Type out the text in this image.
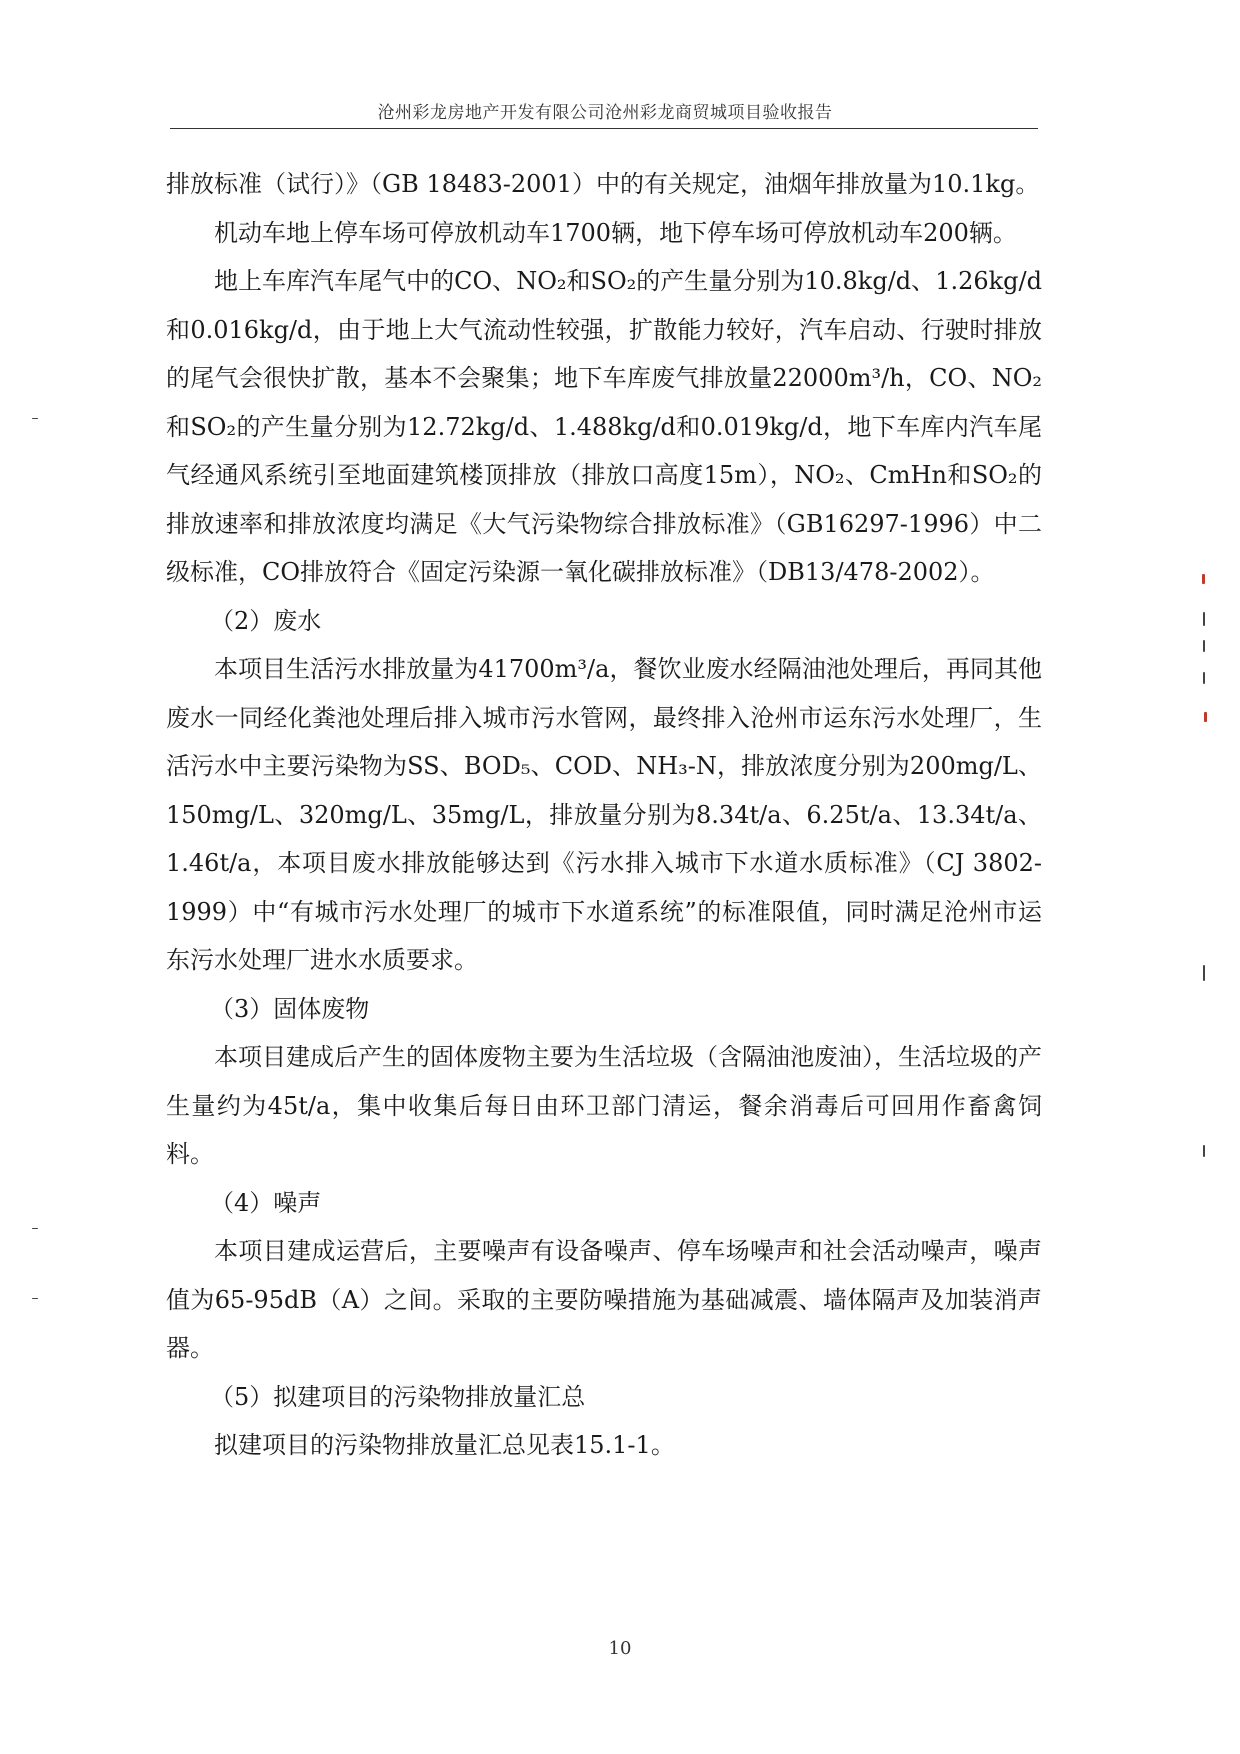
沧州彩龙房地产开发有限公司沧州彩龙商贸城项目验收报告

排放标准（试行）》（GB 18483-2001）中的有关规定，油烟年排放量为10.1kg。

机动车地上停车场可停放机动车1700辆，地下停车场可停放机动车200辆。

地上车库汽车尾气中的CO、NO₂和SO₂的产生量分别为10.8kg/d、1.26kg/d和0.016kg/d，由于地上大气流动性较强，扩散能力较好，汽车启动、行驶时排放的尾气会很快扩散，基本不会聚集；地下车库废气排放量22000m³/h，CO、NO₂和SO₂的产生量分别为12.72kg/d、1.488kg/d和0.019kg/d，地下车库内汽车尾气经通风系统引至地面建筑楼顶排放（排放口高度15m），NO₂、CmHn和SO₂的排放速率和排放浓度均满足《大气污染物综合排放标准》（GB16297-1996）中二级标准，CO排放符合《固定污染源一氧化碳排放标准》（DB13/478-2002）。

（2）废水

本项目生活污水排放量为41700m³/a，餐饮业废水经隔油池处理后，再同其他废水一同经化粪池处理后排入城市污水管网，最终排入沧州市运东污水处理厂，生活污水中主要污染物为SS、BOD₅、COD、NH₃-N，排放浓度分别为200mg/L、150mg/L、320mg/L、35mg/L，排放量分别为8.34t/a、6.25t/a、13.34t/a、1.46t/a，本项目废水排放能够达到《污水排入城市下水道水质标准》（CJ 3802-1999）中“有城市污水处理厂的城市下水道系统”的标准限值，同时满足沧州市运东污水处理厂进水水质要求。

（3）固体废物

本项目建成后产生的固体废物主要为生活垃圾（含隔油池废油），生活垃圾的产生量约为45t/a，集中收集后每日由环卫部门清运，餐余消毒后可回用作畜禽饲料。

（4）噪声

本项目建成运营后，主要噪声有设备噪声、停车场噪声和社会活动噪声，噪声值为65-95dB（A）之间。采取的主要防噪措施为基础减震、墙体隔声及加装消声器。

（5）拟建项目的污染物排放量汇总

拟建项目的污染物排放量汇总见表15.1-1。

10
